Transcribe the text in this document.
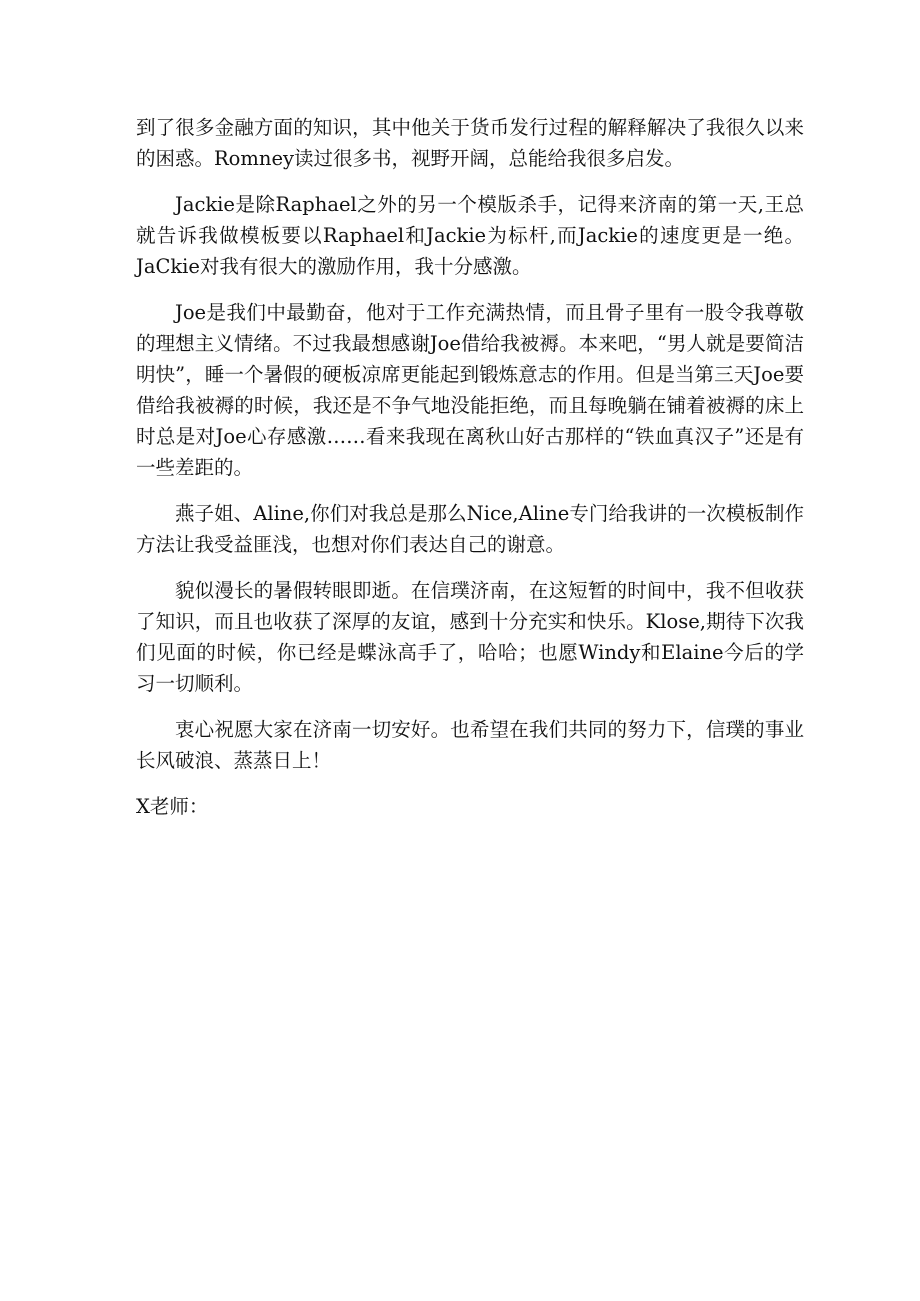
到了很多金融方面的知识，其中他关于货币发行过程的解释解决了我很久以来的困惑。Romney读过很多书，视野开阔，总能给我很多启发。

Jackie是除Raphael之外的另一个模版杀手，记得来济南的第一天,王总就告诉我做模板要以Raphael和Jackie为标杆,而Jackie的速度更是一绝。JaCkie对我有很大的激励作用，我十分感激。

Joe是我们中最勤奋，他对于工作充满热情，而且骨子里有一股令我尊敬的理想主义情绪。不过我最想感谢Joe借给我被褥。本来吧，“男人就是要简洁明快”，睡一个暑假的硬板凉席更能起到锻炼意志的作用。但是当第三天Joe要借给我被褥的时候，我还是不争气地没能拒绝，而且每晚躺在铺着被褥的床上时总是对Joe心存感激……看来我现在离秋山好古那样的“铁血真汉子”还是有一些差距的。

燕子姐、Aline,你们对我总是那么Nice,Aline专门给我讲的一次模板制作方法让我受益匪浅，也想对你们表达自己的谢意。

貌似漫长的暑假转眼即逝。在信璞济南，在这短暂的时间中，我不但收获了知识，而且也收获了深厚的友谊，感到十分充实和快乐。Klose,期待下次我们见面的时候，你已经是蝶泳高手了，哈哈；也愿Windy和Elaine今后的学习一切顺利。

衷心祝愿大家在济南一切安好。也希望在我们共同的努力下，信璞的事业长风破浪、蒸蒸日上！

X老师：
